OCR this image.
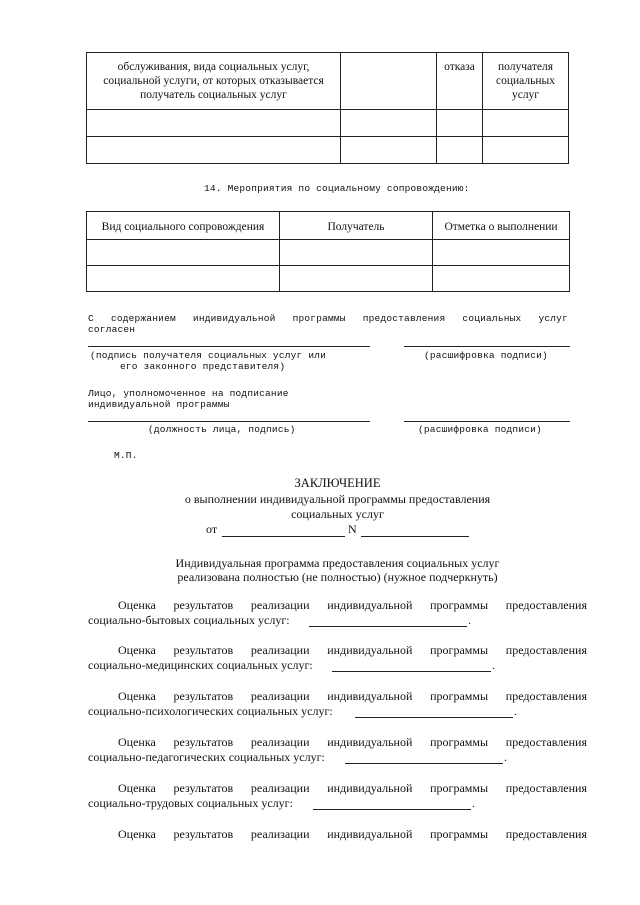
обслуживания, вида социальных услуг, социальной услуги, от которых отказывается получатель социальных услуг		отказа	получателя социальных услуг

14. Мероприятия по социальному сопровождению:
Вид социального сопровождения	Получатель	Отметка о выполнении

С содержанием индивидуальной программы предоставления социальных услуг
согласен
(подпись получателя социальных услуг или
его законного представителя)
(расшифровка подписи)
Лицо, уполномоченное на подписание
индивидуальной программы
(должность лица, подпись)	(расшифровка подписи)
М.П.
ЗАКЛЮЧЕНИЕ
о выполнении индивидуальной программы предоставления
социальных услуг
от	N
Индивидуальная программа предоставления социальных услуг
реализована полностью (не полностью) (нужное подчеркнуть)
Оценка результатов реализации индивидуальной программы предоставления
социально-бытовых социальных услуг:	.
Оценка результатов реализации индивидуальной программы предоставления
социально-медицинских социальных услуг:	.
Оценка результатов реализации индивидуальной программы предоставления
социально-психологических социальных услуг:	.
Оценка результатов реализации индивидуальной программы предоставления
социально-педагогических социальных услуг:	.
Оценка результатов реализации индивидуальной программы предоставления
социально-трудовых социальных услуг:	.
Оценка результатов реализации индивидуальной программы предоставления
